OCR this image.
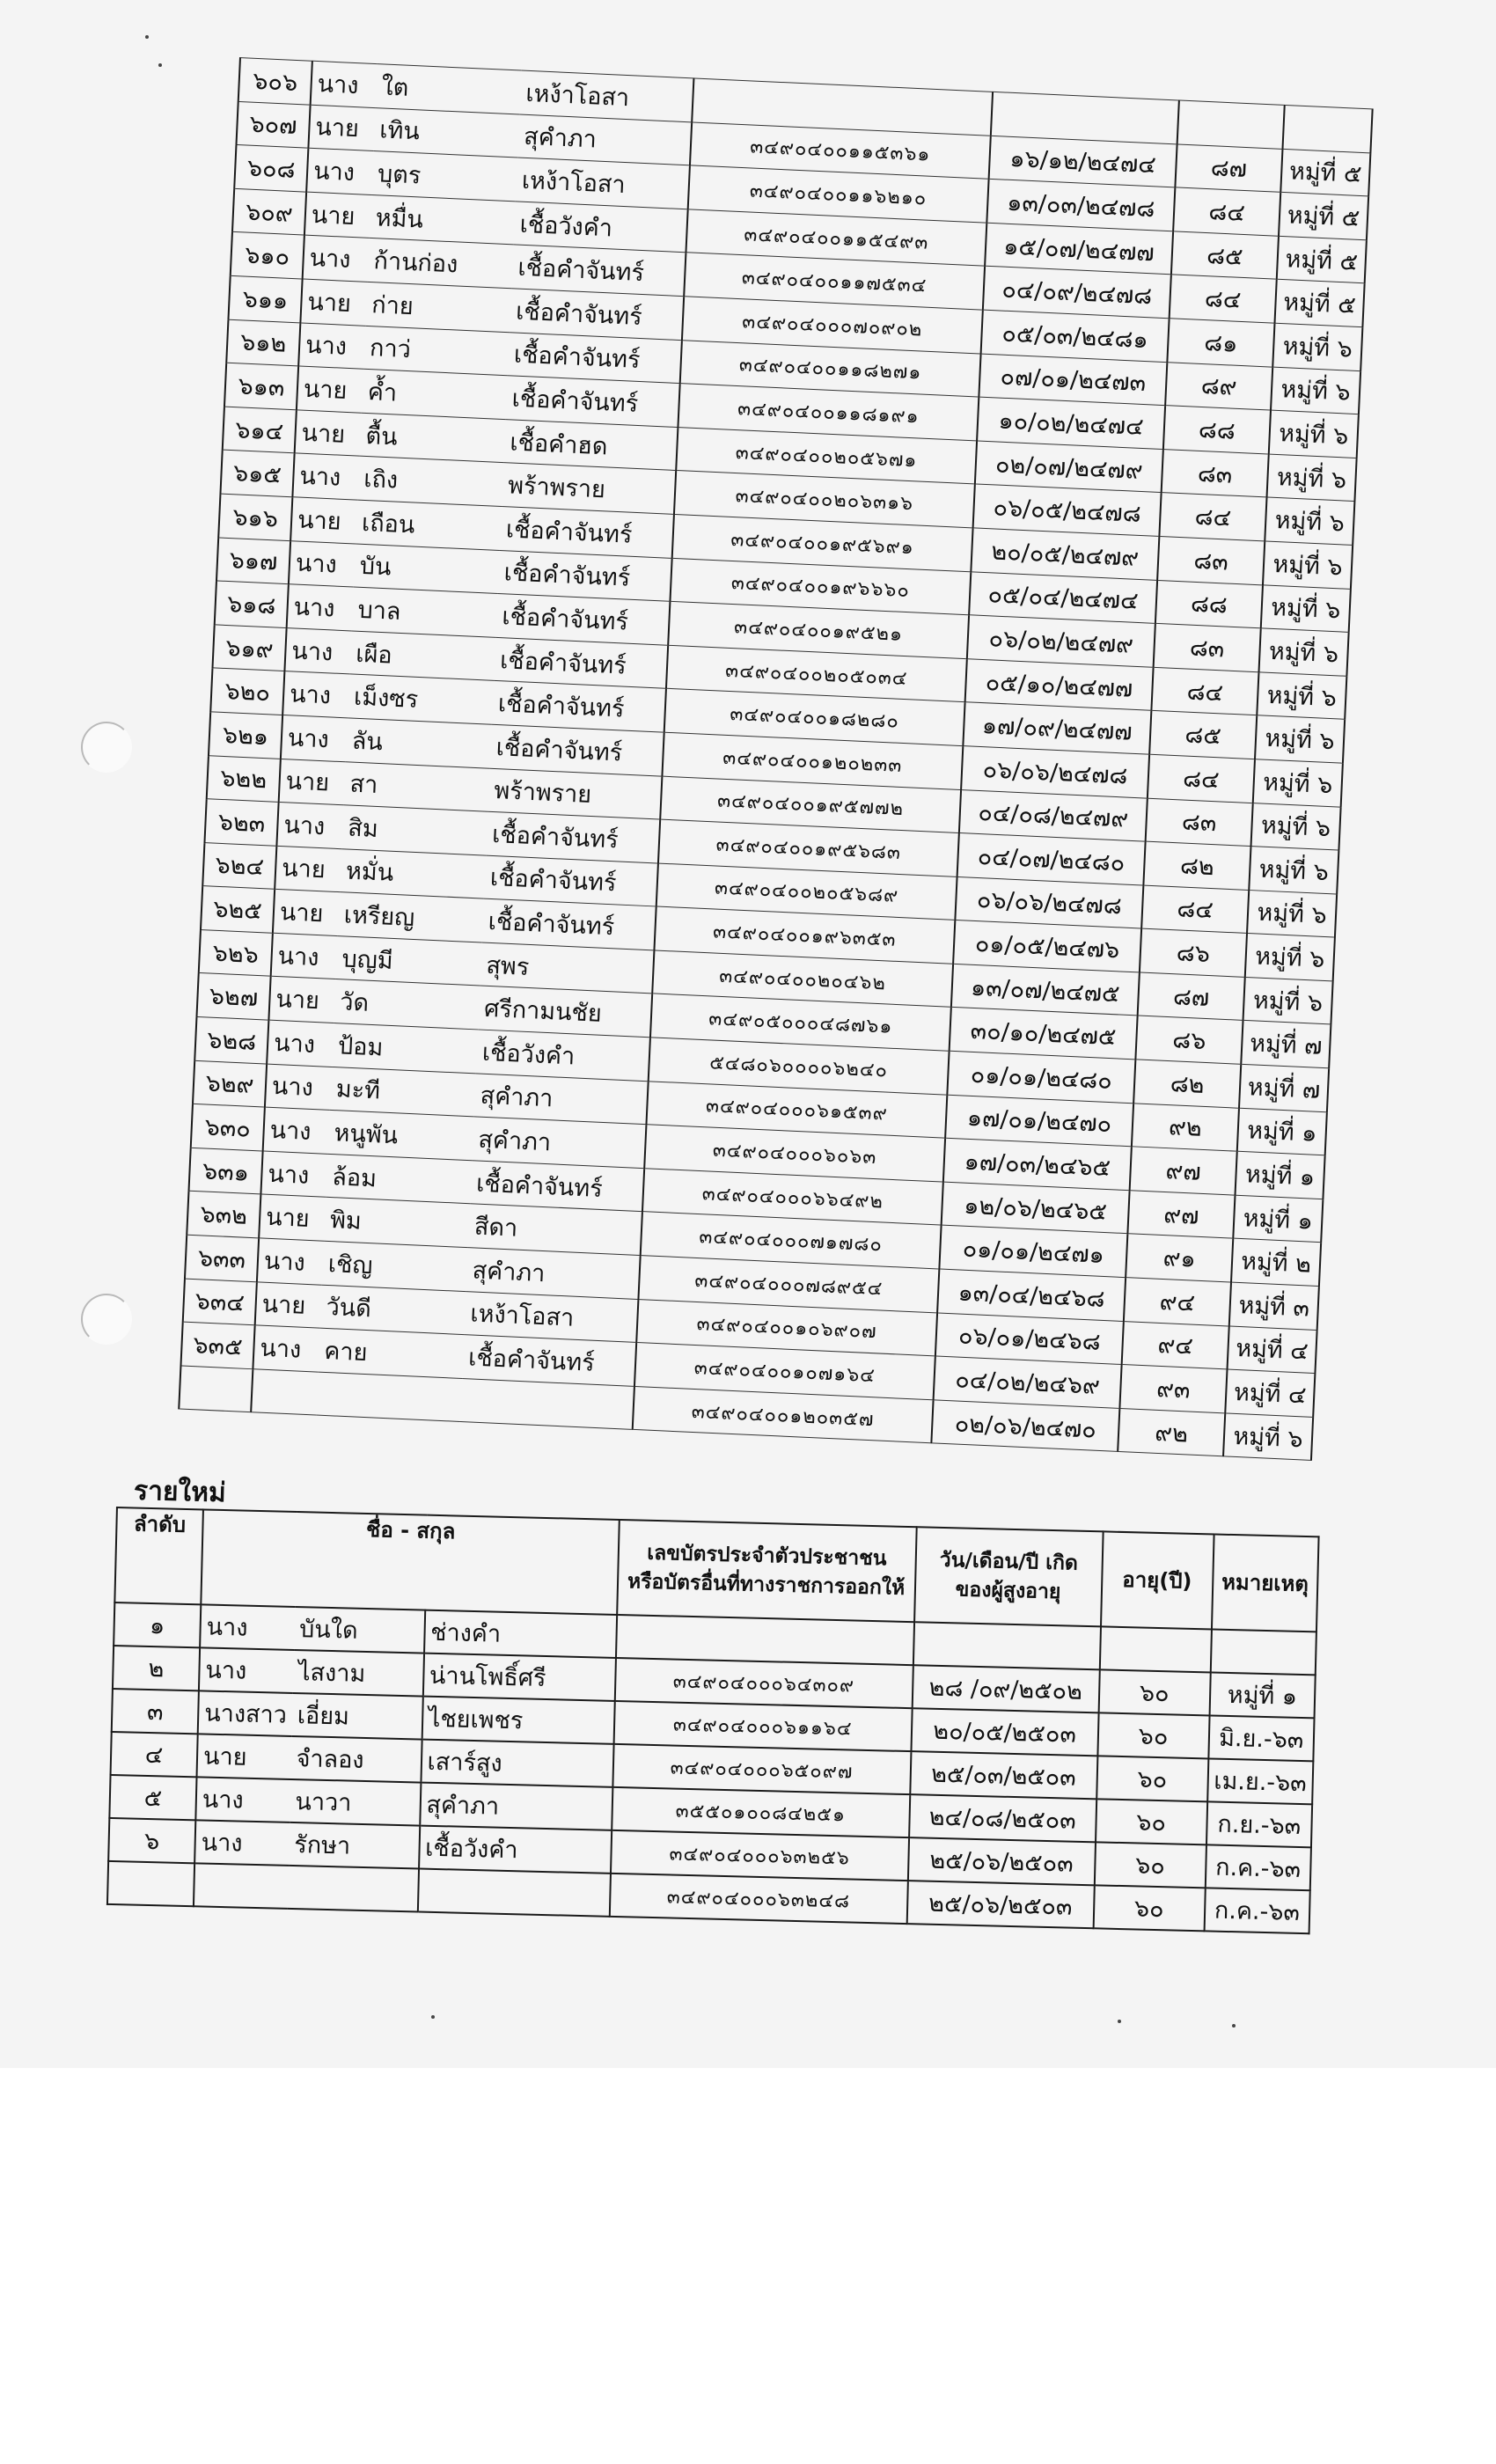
๖๐๖	นาง	ใต	เหง้าโอสา				
๖๐๗	นาย	เทิน	สุคำภา	๓๔๙๐๔๐๐๑๑๕๓๖๑	๑๖/๑๒/๒๔๗๔	๘๗	หมู่ที่ ๕
๖๐๘	นาง	บุตร	เหง้าโอสา	๓๔๙๐๔๐๐๑๑๖๒๑๐	๑๓/๐๓/๒๔๗๘	๘๔	หมู่ที่ ๕
๖๐๙	นาย	หมื่น	เชื้อวังคำ	๓๔๙๐๔๐๐๑๑๕๔๙๓	๑๕/๐๗/๒๔๗๗	๘๕	หมู่ที่ ๕
๖๑๐	นาง	ก้านก่อง	เชื้อคำจันทร์	๓๔๙๐๔๐๐๑๑๗๕๓๔	๐๔/๐๙/๒๔๗๘	๘๔	หมู่ที่ ๕
๖๑๑	นาย	ก่าย	เชื้อคำจันทร์	๓๔๙๐๔๐๐๐๗๐๙๐๒	๐๕/๐๓/๒๔๘๑	๘๑	หมู่ที่ ๖
๖๑๒	นาง	กาว่	เชื้อคำจันทร์	๓๔๙๐๔๐๐๑๑๘๒๗๑	๐๗/๐๑/๒๔๗๓	๘๙	หมู่ที่ ๖
๖๑๓	นาย	ค้ำ	เชื้อคำจันทร์	๓๔๙๐๔๐๐๑๑๘๑๙๑	๑๐/๐๒/๒๔๗๔	๘๘	หมู่ที่ ๖
๖๑๔	นาย	ตื้น	เชื้อคำฮด	๓๔๙๐๔๐๐๒๐๕๖๗๑	๐๒/๐๗/๒๔๗๙	๘๓	หมู่ที่ ๖
๖๑๕	นาง	เถิง	พร้าพราย	๓๔๙๐๔๐๐๒๐๖๓๑๖	๐๖/๐๕/๒๔๗๘	๘๔	หมู่ที่ ๖
๖๑๖	นาย	เถือน	เชื้อคำจันทร์	๓๔๙๐๔๐๐๑๙๕๖๙๑	๒๐/๐๕/๒๔๗๙	๘๓	หมู่ที่ ๖
๖๑๗	นาง	บัน	เชื้อคำจันทร์	๓๔๙๐๔๐๐๑๙๖๖๖๐	๐๕/๐๔/๒๔๗๔	๘๘	หมู่ที่ ๖
๖๑๘	นาง	บาล	เชื้อคำจันทร์	๓๔๙๐๔๐๐๑๙๕๒๑	๐๖/๐๒/๒๔๗๙	๘๓	หมู่ที่ ๖
๖๑๙	นาง	เผือ	เชื้อคำจันทร์	๓๔๙๐๔๐๐๒๐๕๐๓๔	๐๕/๑๐/๒๔๗๗	๘๔	หมู่ที่ ๖
๖๒๐	นาง	เม็งซร	เชื้อคำจันทร์	๓๔๙๐๔๐๐๑๘๒๘๐	๑๗/๐๙/๒๔๗๗	๘๕	หมู่ที่ ๖
๖๒๑	นาง	ลัน	เชื้อคำจันทร์	๓๔๙๐๔๐๐๑๒๐๒๓๓	๐๖/๐๖/๒๔๗๘	๘๔	หมู่ที่ ๖
๖๒๒	นาย	สา	พร้าพราย	๓๔๙๐๔๐๐๑๙๕๗๗๒	๐๔/๐๘/๒๔๗๙	๘๓	หมู่ที่ ๖
๖๒๓	นาง	สิม	เชื้อคำจันทร์	๓๔๙๐๔๐๐๑๙๕๖๘๓	๐๔/๐๗/๒๔๘๐	๘๒	หมู่ที่ ๖
๖๒๔	นาย	หมั่น	เชื้อคำจันทร์	๓๔๙๐๔๐๐๒๐๕๖๘๙	๐๖/๐๖/๒๔๗๘	๘๔	หมู่ที่ ๖
๖๒๕	นาย	เหรียญ	เชื้อคำจันทร์	๓๔๙๐๔๐๐๑๙๖๓๕๓	๐๑/๐๕/๒๔๗๖	๘๖	หมู่ที่ ๖
๖๒๖	นาง	บุญมี	สุพร	๓๔๙๐๔๐๐๒๐๔๖๒	๑๓/๐๗/๒๔๗๕	๘๗	หมู่ที่ ๖
๖๒๗	นาย	วัด	ศรีกามนชัย	๓๔๙๐๕๐๐๐๔๘๗๖๑	๓๐/๑๐/๒๔๗๕	๘๖	หมู่ที่ ๗
๖๒๘	นาง	ป้อม	เชื้อวังคำ	๕๔๘๐๖๐๐๐๐๖๒๔๐	๐๑/๐๑/๒๔๘๐	๘๒	หมู่ที่ ๗
๖๒๙	นาง	มะที	สุคำภา	๓๔๙๐๔๐๐๐๖๑๕๓๙	๑๗/๐๑/๒๔๗๐	๙๒	หมู่ที่ ๑
๖๓๐	นาง	หนูพัน	สุคำภา	๓๔๙๐๔๐๐๐๖๐๖๓	๑๗/๐๓/๒๔๖๕	๙๗	หมู่ที่ ๑
๖๓๑	นาง	ล้อม	เชื้อคำจันทร์	๓๔๙๐๔๐๐๐๖๖๔๙๒	๑๒/๐๖/๒๔๖๕	๙๗	หมู่ที่ ๑
๖๓๒	นาย	พิม	สีดา	๓๔๙๐๔๐๐๐๗๑๗๘๐	๐๑/๐๑/๒๔๗๑	๙๑	หมู่ที่ ๒
๖๓๓	นาง	เชิญ	สุคำภา	๓๔๙๐๔๐๐๐๗๘๙๕๔	๑๓/๐๔/๒๔๖๘	๙๔	หมู่ที่ ๓
๖๓๔	นาย	วันดี	เหง้าโอสา	๓๔๙๐๔๐๐๑๐๖๙๐๗	๐๖/๐๑/๒๔๖๘	๙๔	หมู่ที่ ๔
๖๓๕	นาง	คาย	เชื้อคำจันทร์	๓๔๙๐๔๐๐๑๐๗๑๖๔	๐๔/๐๒/๒๔๖๙	๙๓	หมู่ที่ ๔
				๓๔๙๐๔๐๐๑๒๐๓๕๗	๐๒/๐๖/๒๔๗๐	๙๒	หมู่ที่ ๖
รายใหม่
ลำดับ	ชื่อ - สกุล			เลขบัตรประจำตัวประชาชน
หรือบัตรอื่นที่ทางราชการออกให้	วัน/เดือน/ปี เกิด
ของผู้สูงอายุ	อายุ(ปี)	หมายเหตุ
๑	นาง	บันใด	ช่างคำ				
๒	นาง	ไสงาม	น่านโพธิ์ศรี	๓๔๙๐๔๐๐๐๖๔๓๐๙	๒๘ /๐๙/๒๕๐๒	๖๐	หมู่ที่ ๑
๓	นางสาว	เอี่ยม	ไชยเพชร	๓๔๙๐๔๐๐๐๖๑๑๖๔	๒๐/๐๕/๒๕๐๓	๖๐	มิ.ย.-๖๓
๔	นาย	จำลอง	เสาร์สูง	๓๔๙๐๔๐๐๐๖๕๐๙๗	๒๕/๐๓/๒๕๐๓	๖๐	เม.ย.-๖๓
๕	นาง	นาวา	สุคำภา	๓๕๕๐๑๐๐๘๔๒๕๑	๒๔/๐๘/๒๕๐๓	๖๐	ก.ย.-๖๓
๖	นาง	รักษา	เชื้อวังคำ	๓๔๙๐๔๐๐๐๖๓๒๕๖	๒๕/๐๖/๒๕๐๓	๖๐	ก.ค.-๖๓
				๓๔๙๐๔๐๐๐๖๓๒๔๘	๒๕/๐๖/๒๕๐๓	๖๐	ก.ค.-๖๓
